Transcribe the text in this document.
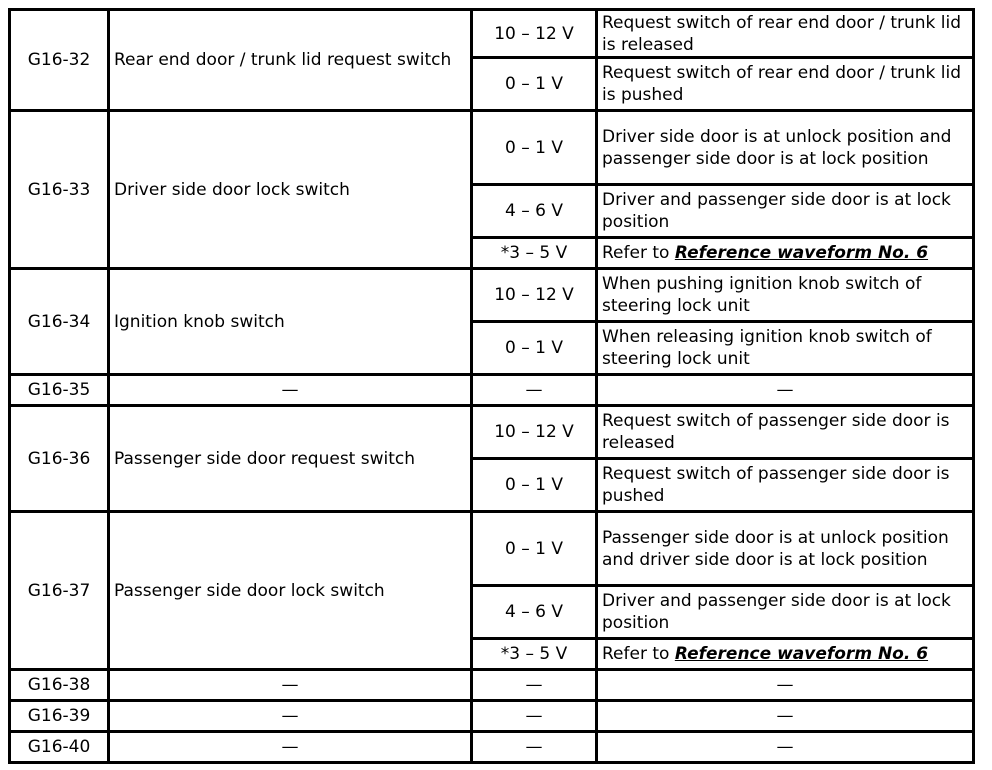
G16-32	Rear end door / trunk lid request switch	10 – 12 V	Request switch of rear end door / trunk lid is released
		0 – 1 V	Request switch of rear end door / trunk lid is pushed
G16-33	Driver side door lock switch	0 – 1 V	Driver side door is at unlock position and passenger side door is at lock position
		4 – 6 V	Driver and passenger side door is at lock position
		*3 – 5 V	Refer to Reference waveform No. 6
G16-34	Ignition knob switch	10 – 12 V	When pushing ignition knob switch of steering lock unit
		0 – 1 V	When releasing ignition knob switch of steering lock unit
G16-35	—	—	—
G16-36	Passenger side door request switch	10 – 12 V	Request switch of passenger side door is released
		0 – 1 V	Request switch of passenger side door is pushed
G16-37	Passenger side door lock switch	0 – 1 V	Passenger side door is at unlock position and driver side door is at lock position
		4 – 6 V	Driver and passenger side door is at lock position
		*3 – 5 V	Refer to Reference waveform No. 6
G16-38	—	—	—
G16-39	—	—	—
G16-40	—	—	—
